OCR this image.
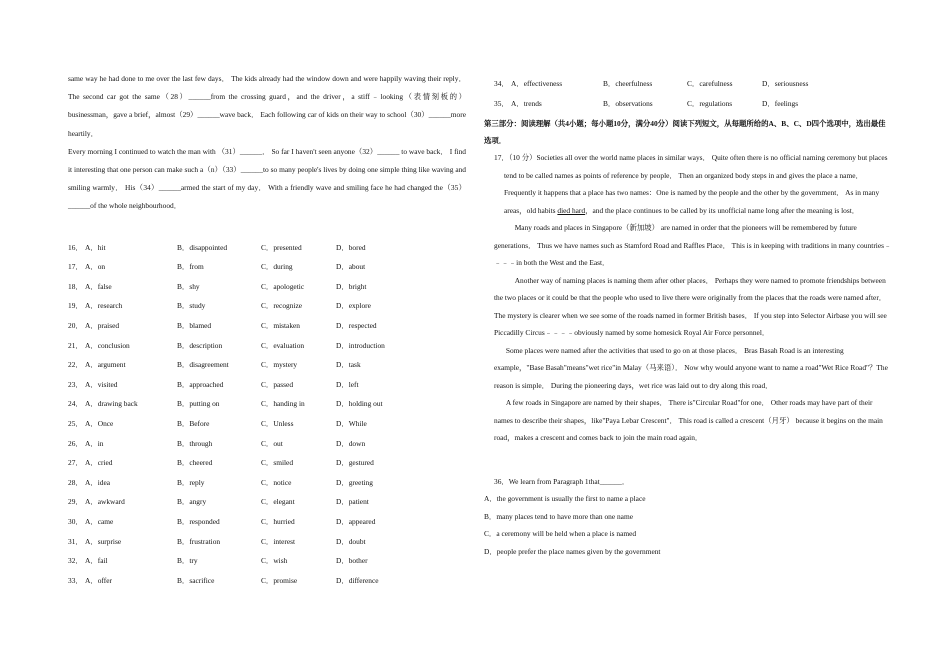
same way he had done to me over the last few days． The kids already had the window down and were happily waving their reply． The second car got the same（28）______from the crossing guard，and the driver，a stiff﹣looking（表情刻板的） businessman，gave a brief，almost（29）______wave back． Each following car of kids on their way to school（30）______more heartily．

Every morning I continued to watch the man with （31）______． So far I haven't seen anyone（32）______ to wave back． I find it interesting that one person can make such a（n）（33）______to so many people's lives by doing one simple thing like waving and smiling warmly． His（34）______armed the start of my day． With a friendly wave and smiling face he had changed the（35）______of the whole neighbourhood．

16． A．hit	B．disappointed	C．presented	D．bored
17． A．on	B．from	C．during	D．about
18． A．false	B．shy	C．apologetic	D．bright
19． A．research	B．study	C．recognize	D．explore
20． A．praised	B．blamed	C．mistaken	D．respected
21． A．conclusion	B．description	C．evaluation	D．introduction
22． A．argument	B．disagreement	C．mystery	D．task
23． A．visited	B．approached	C．passed	D．left
24． A．drawing back	B．putting on	C．handing in	D．holding out
25． A．Once	B．Before	C．Unless	D．While
26． A．in	B．through	C．out	D．down
27． A．cried	B．cheered	C．smiled	D．gestured
28． A．idea	B．reply	C．notice	D．greeting
29． A．awkward	B．angry	C．elegant	D．patient
30． A．came	B．responded	C．hurried	D．appeared
31． A．surprise	B．frustration	C．interest	D．doubt
32． A．fail	B．try	C．wish	D．bother
33． A．offer	B．sacrifice	C．promise	D．difference
34． A．effectiveness	B．cheerfulness	C．carefulness	D．seriousness
35． A．trends	B．observations	C．regulations	D．feelings

第三部分：阅读理解（共4小题；每小题10分，满分40分）阅读下列短文，从每题所给的A、B、C、D四个选项中，选出最佳选项．

17．（10 分）Societies all over the world name places in similar ways． Quite often there is no official naming ceremony but places tend to be called names as points of reference by people． Then an organized body steps in and gives the place a name． Frequently it happens that a place has two names：One is named by the people and the other by the government． As in many areas，old habits died hard，and the place continues to be called by its unofficial name long after the meaning is lost．

Many roads and places in Singapore（新加坡） are named in order that the pioneers will be remembered by future generations． Thus we have names such as Stamford Road and Raffles Place． This is in keeping with traditions in many countries﹣﹣﹣﹣in both the West and the East．

Another way of naming places is naming them after other places． Perhaps they were named to promote friendships between the two places or it could be that the people who used to live there were originally from the places that the roads were named after． The mystery is clearer when we see some of the roads named in former British bases． If you step into Selector Airbase you will see Piccadilly Circus﹣﹣﹣﹣obviously named by some homesick Royal Air Force personnel．

Some places were named after the activities that used to go on at those places． Bras Basah Road is an interesting example，"Base Basah"means"wet rice"in Malay（马来语）． Now why would anyone want to name a road"Wet Rice Road"？The reason is simple． During the pioneering days，wet rice was laid out to dry along this road．

A few roads in Singapore are named by their shapes． There is"Circular Road"for one． Other roads may have part of their names to describe their shapes，like"Paya Lebar Crescent"． This road is called a crescent（月牙） because it begins on the main road，makes a crescent and comes back to join the main road again．

36．We learn from Paragraph 1that______．

A．the government is usually the first to name a place

B．many places tend to have more than one name

C．a ceremony will be held when a place is named

D．people prefer the place names given by the government
